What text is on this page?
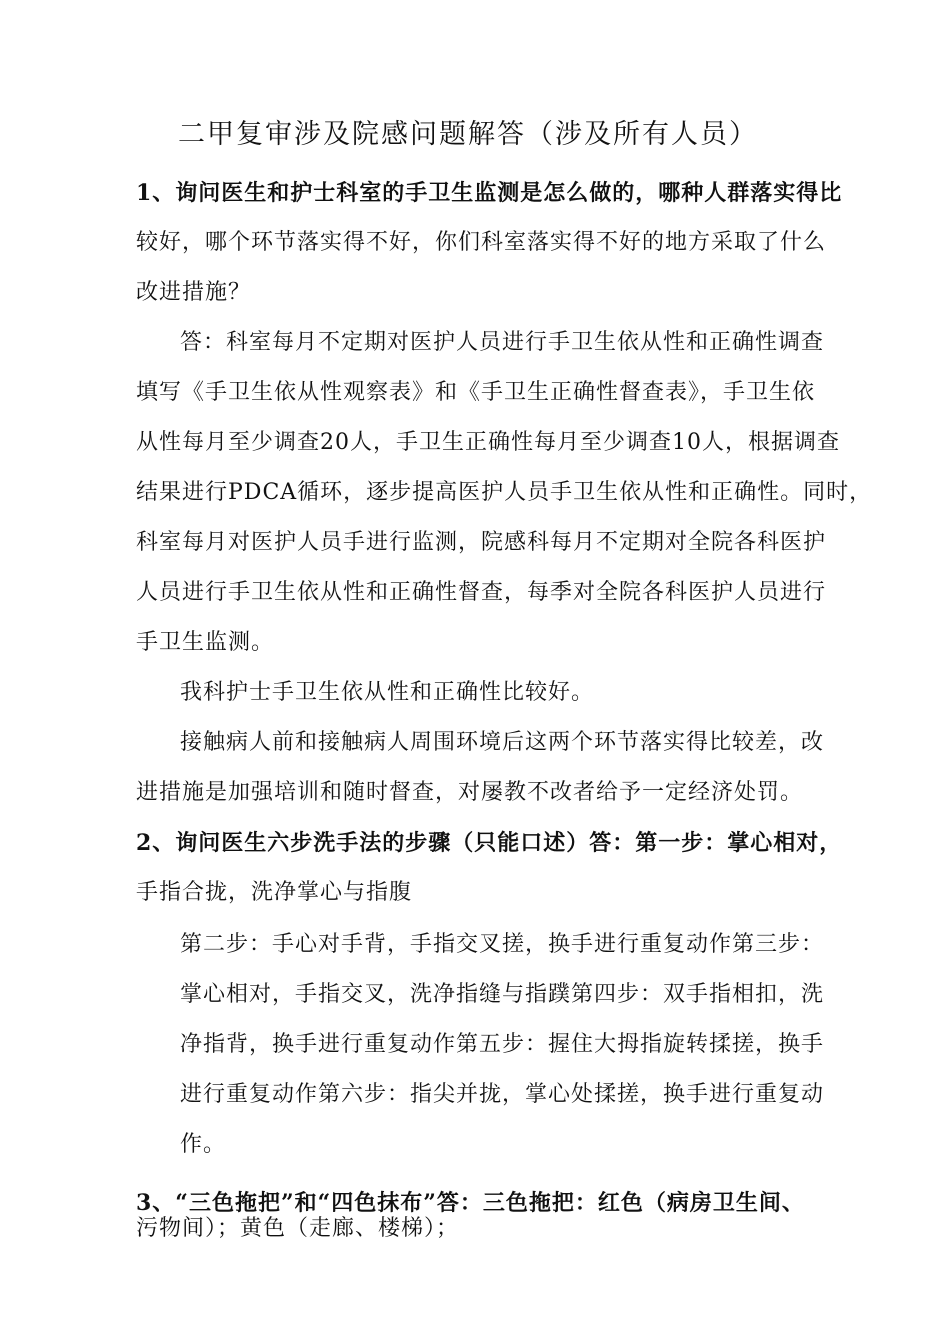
二甲复审涉及院感问题解答（涉及所有人员）
1、询问医生和护士科室的手卫生监测是怎么做的，哪种人群落实得比
较好，哪个环节落实得不好，你们科室落实得不好的地方采取了什么
改进措施？
答：科室每月不定期对医护人员进行手卫生依从性和正确性调查
填写《手卫生依从性观察表》和《手卫生正确性督查表》，手卫生依
从性每月至少调查20人，手卫生正确性每月至少调查10人，根据调查
结果进行PDCA循环，逐步提高医护人员手卫生依从性和正确性。同时，
科室每月对医护人员手进行监测，院感科每月不定期对全院各科医护
人员进行手卫生依从性和正确性督查，每季对全院各科医护人员进行
手卫生监测。
我科护士手卫生依从性和正确性比较好。
接触病人前和接触病人周围环境后这两个环节落实得比较差，改
进措施是加强培训和随时督查，对屡教不改者给予一定经济处罚。
2、询问医生六步洗手法的步骤（只能口述）答：第一步：掌心相对，
手指合拢，洗净掌心与指腹
第二步：手心对手背，手指交叉搓，换手进行重复动作第三步：
掌心相对，手指交叉，洗净指缝与指蹼第四步：双手指相扣，洗
净指背，换手进行重复动作第五步：握住大拇指旋转揉搓，换手
进行重复动作第六步：指尖并拢，掌心处揉搓，换手进行重复动
作。
3、“三色拖把”和“四色抹布”答：三色拖把：红色（病房卫生间、
污物间）；黄色（走廊、楼梯）；
